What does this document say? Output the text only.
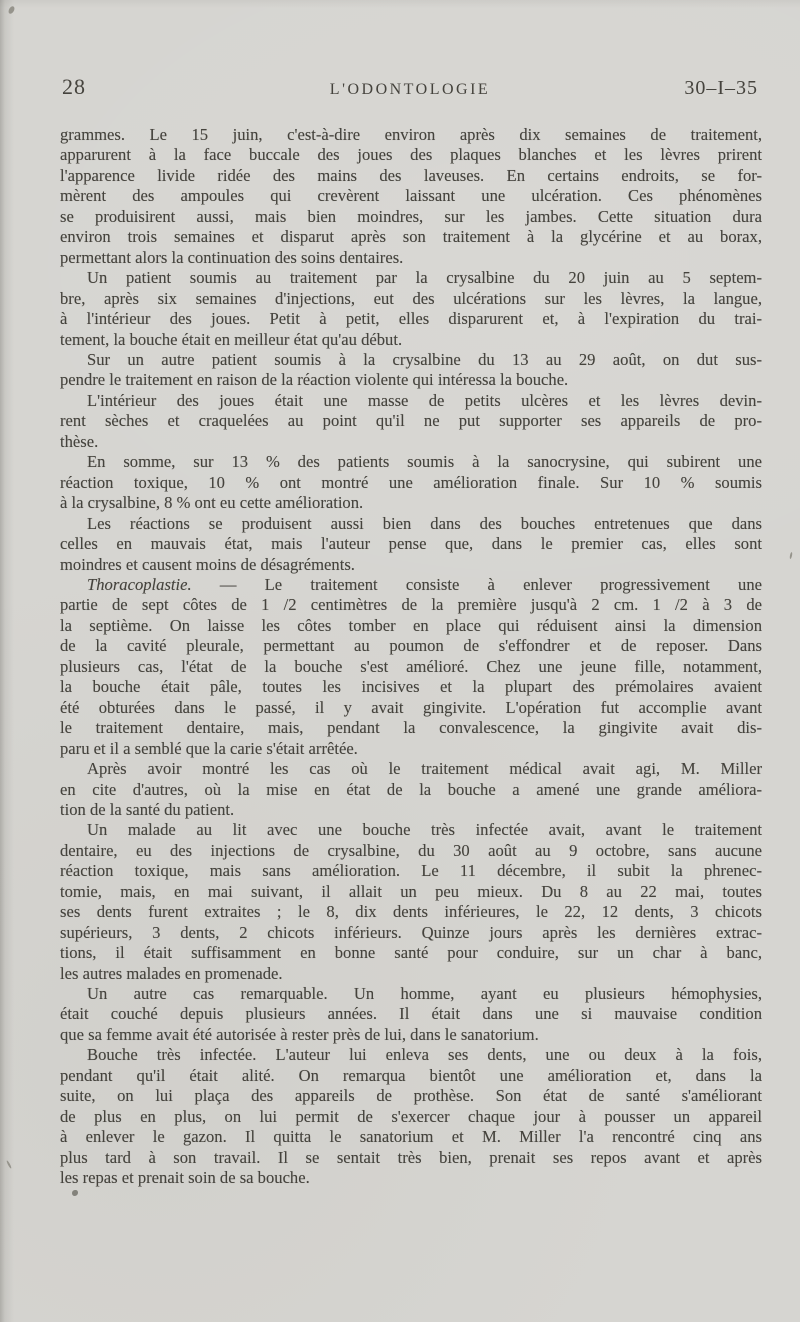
28	L'ODONTOLOGIE	30–I–35
grammes. Le 15 juin, c'est-à-dire environ après dix semaines de traitement,
apparurent à la face buccale des joues des plaques blanches et les lèvres prirent
l'apparence livide ridée des mains des laveuses. En certains endroits, se for-
mèrent des ampoules qui crevèrent laissant une ulcération. Ces phénomènes
se produisirent aussi, mais bien moindres, sur les jambes. Cette situation dura
environ trois semaines et disparut après son traitement à la glycérine et au borax,
permettant alors la continuation des soins dentaires.
Un patient soumis au traitement par la crysalbine du 20 juin au 5 septem-
bre, après six semaines d'injections, eut des ulcérations sur les lèvres, la langue,
à l'intérieur des joues. Petit à petit, elles disparurent et, à l'expiration du trai-
tement, la bouche était en meilleur état qu'au début.
Sur un autre patient soumis à la crysalbine du 13 au 29 août, on dut sus-
pendre le traitement en raison de la réaction violente qui intéressa la bouche.
L'intérieur des joues était une masse de petits ulcères et les lèvres devin-
rent sèches et craquelées au point qu'il ne put supporter ses appareils de pro-
thèse.
En somme, sur 13 % des patients soumis à la sanocrysine, qui subirent une
réaction toxique, 10 % ont montré une amélioration finale. Sur 10 % soumis
à la crysalbine, 8 % ont eu cette amélioration.
Les réactions se produisent aussi bien dans des bouches entretenues que dans
celles en mauvais état, mais l'auteur pense que, dans le premier cas, elles sont
moindres et causent moins de désagréments.
Thoracoplastie. — Le traitement consiste à enlever progressivement une
partie de sept côtes de 1 /2 centimètres de la première jusqu'à 2 cm. 1 /2 à 3 de
la septième. On laisse les côtes tomber en place qui réduisent ainsi la dimension
de la cavité pleurale, permettant au poumon de s'effondrer et de reposer. Dans
plusieurs cas, l'état de la bouche s'est amélioré. Chez une jeune fille, notamment,
la bouche était pâle, toutes les incisives et la plupart des prémolaires avaient
été obturées dans le passé, il y avait gingivite. L'opération fut accomplie avant
le traitement dentaire, mais, pendant la convalescence, la gingivite avait dis-
paru et il a semblé que la carie s'était arrêtée.
Après avoir montré les cas où le traitement médical avait agi, M. Miller
en cite d'autres, où la mise en état de la bouche a amené une grande améliora-
tion de la santé du patient.
Un malade au lit avec une bouche très infectée avait, avant le traitement
dentaire, eu des injections de crysalbine, du 30 août au 9 octobre, sans aucune
réaction toxique, mais sans amélioration. Le 11 décembre, il subit la phrenec-
tomie, mais, en mai suivant, il allait un peu mieux. Du 8 au 22 mai, toutes
ses dents furent extraites ; le 8, dix dents inférieures, le 22, 12 dents, 3 chicots
supérieurs, 3 dents, 2 chicots inférieurs. Quinze jours après les dernières extrac-
tions, il était suffisamment en bonne santé pour conduire, sur un char à banc,
les autres malades en promenade.
Un autre cas remarquable. Un homme, ayant eu plusieurs hémophysies,
était couché depuis plusieurs années. Il était dans une si mauvaise condition
que sa femme avait été autorisée à rester près de lui, dans le sanatorium.
Bouche très infectée. L'auteur lui enleva ses dents, une ou deux à la fois,
pendant qu'il était alité. On remarqua bientôt une amélioration et, dans la
suite, on lui plaça des appareils de prothèse. Son état de santé s'améliorant
de plus en plus, on lui permit de s'exercer chaque jour à pousser un appareil
à enlever le gazon. Il quitta le sanatorium et M. Miller l'a rencontré cinq ans
plus tard à son travail. Il se sentait très bien, prenait ses repos avant et après
les repas et prenait soin de sa bouche.
